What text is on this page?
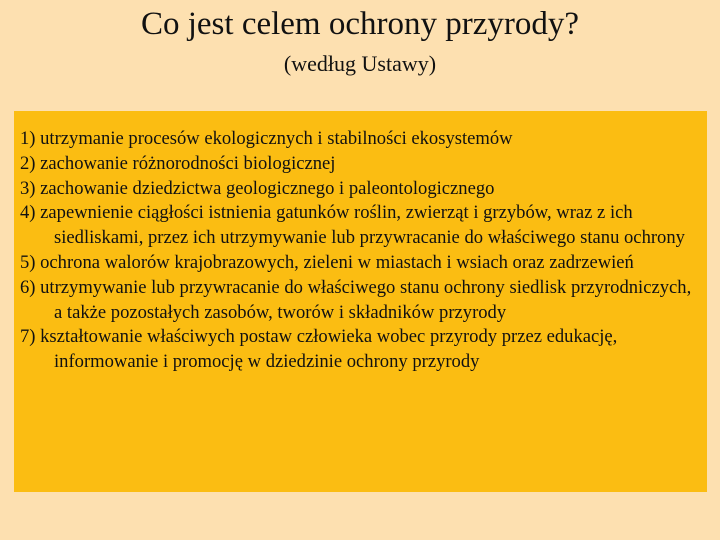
Co jest celem ochrony przyrody?
(według Ustawy)
1) utrzymanie procesów ekologicznych i stabilności ekosystemów
2) zachowanie różnorodności biologicznej
3) zachowanie dziedzictwa geologicznego i paleontologicznego
4) zapewnienie ciągłości istnienia gatunków roślin, zwierząt i grzybów, wraz z ich siedliskami, przez ich utrzymywanie lub przywracanie do właściwego stanu ochrony
5) ochrona walorów krajobrazowych, zieleni w miastach i wsiach oraz zadrzewień
6) utrzymywanie lub przywracanie do właściwego stanu ochrony siedlisk przyrodniczych, a także pozostałych zasobów, tworów i składników przyrody
7) kształtowanie właściwych postaw człowieka wobec przyrody przez edukację, informowanie i promocję w dziedzinie ochrony przyrody
